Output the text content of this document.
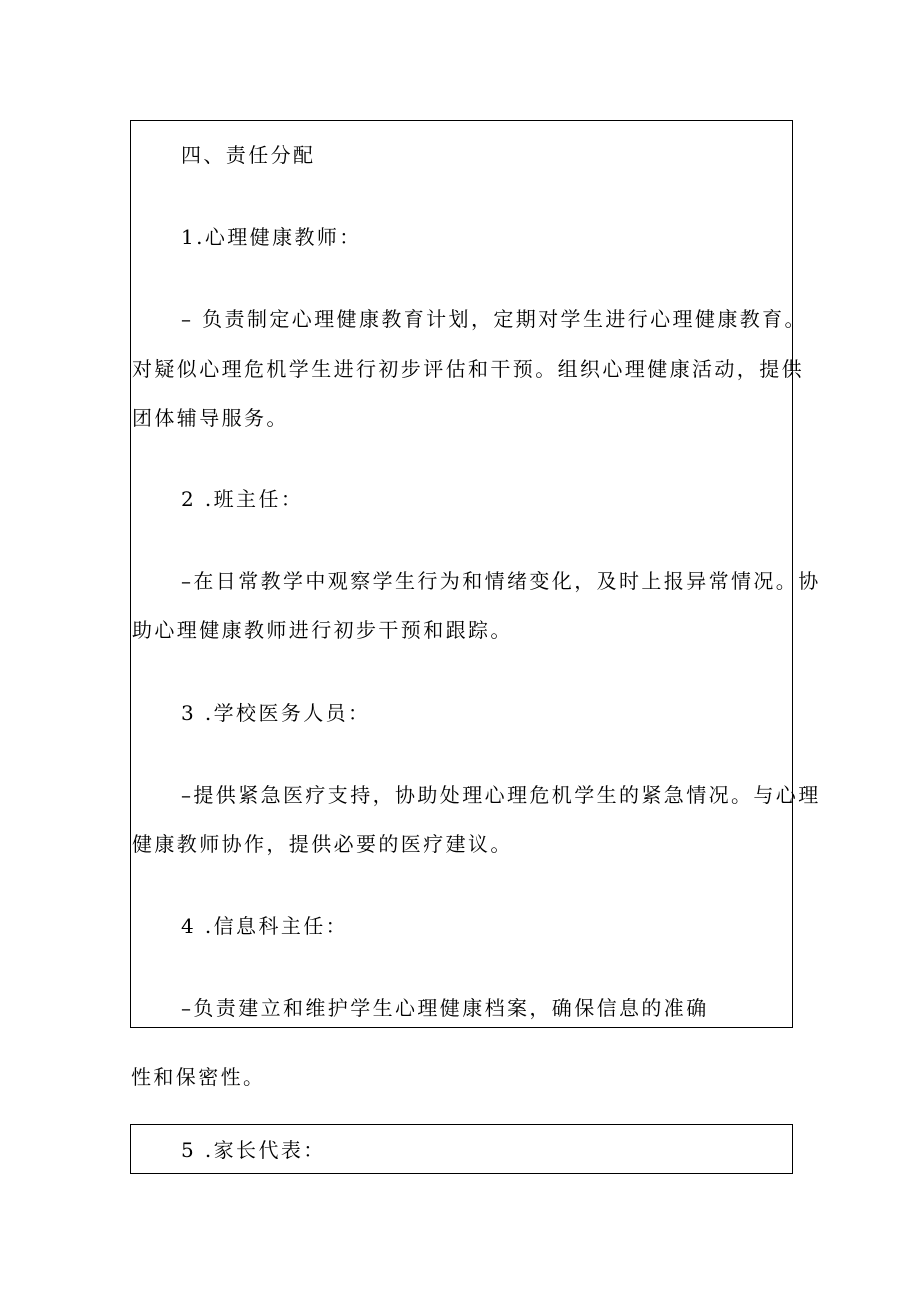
四、责任分配
1.心理健康教师：
– 负责制定心理健康教育计划，定期对学生进行心理健康教育。
对疑似心理危机学生进行初步评估和干预。组织心理健康活动，提供
团体辅导服务。
2 .班主任：
–在日常教学中观察学生行为和情绪变化，及时上报异常情况。协
助心理健康教师进行初步干预和跟踪。
3 .学校医务人员：
–提供紧急医疗支持，协助处理心理危机学生的紧急情况。与心理
健康教师协作，提供必要的医疗建议。
4 .信息科主任：
–负责建立和维护学生心理健康档案，确保信息的准确
性和保密性。
5 .家长代表：
